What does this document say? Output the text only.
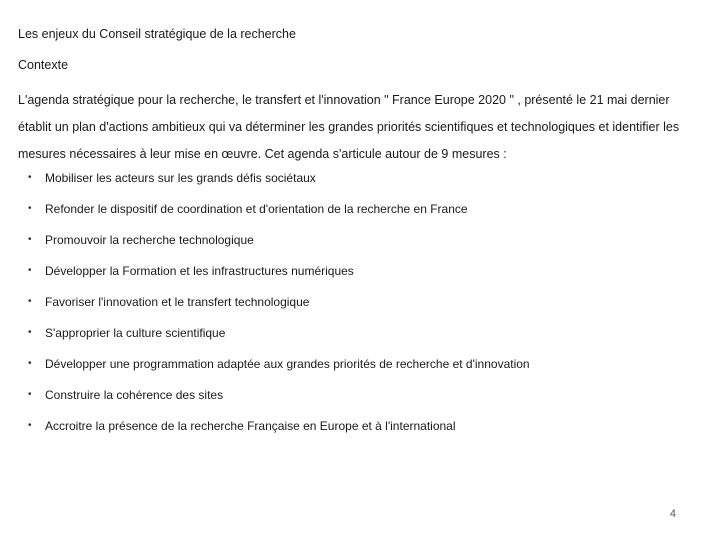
Les enjeux du Conseil stratégique de la recherche
Contexte

L'agenda stratégique pour la recherche, le transfert et l'innovation " France Europe 2020 " , présenté le 21 mai dernier établit un plan d'actions ambitieux qui va déterminer les grandes priorités scientifiques et technologiques et identifier les mesures nécessaires à leur mise en œuvre. Cet agenda s'articule autour de 9 mesures :

•	Mobiliser les acteurs sur les grands défis sociétaux
•	Refonder le dispositif de coordination et d'orientation de la recherche en France
•	Promouvoir la recherche technologique
•	Développer la Formation et les infrastructures numériques
•	Favoriser l'innovation et le transfert technologique
•	S'approprier la culture scientifique
•	Développer une programmation adaptée aux grandes priorités de recherche et d'innovation
•	Construire la cohérence des sites
•	Accroitre la présence de la recherche Française en Europe et à l'international
4
